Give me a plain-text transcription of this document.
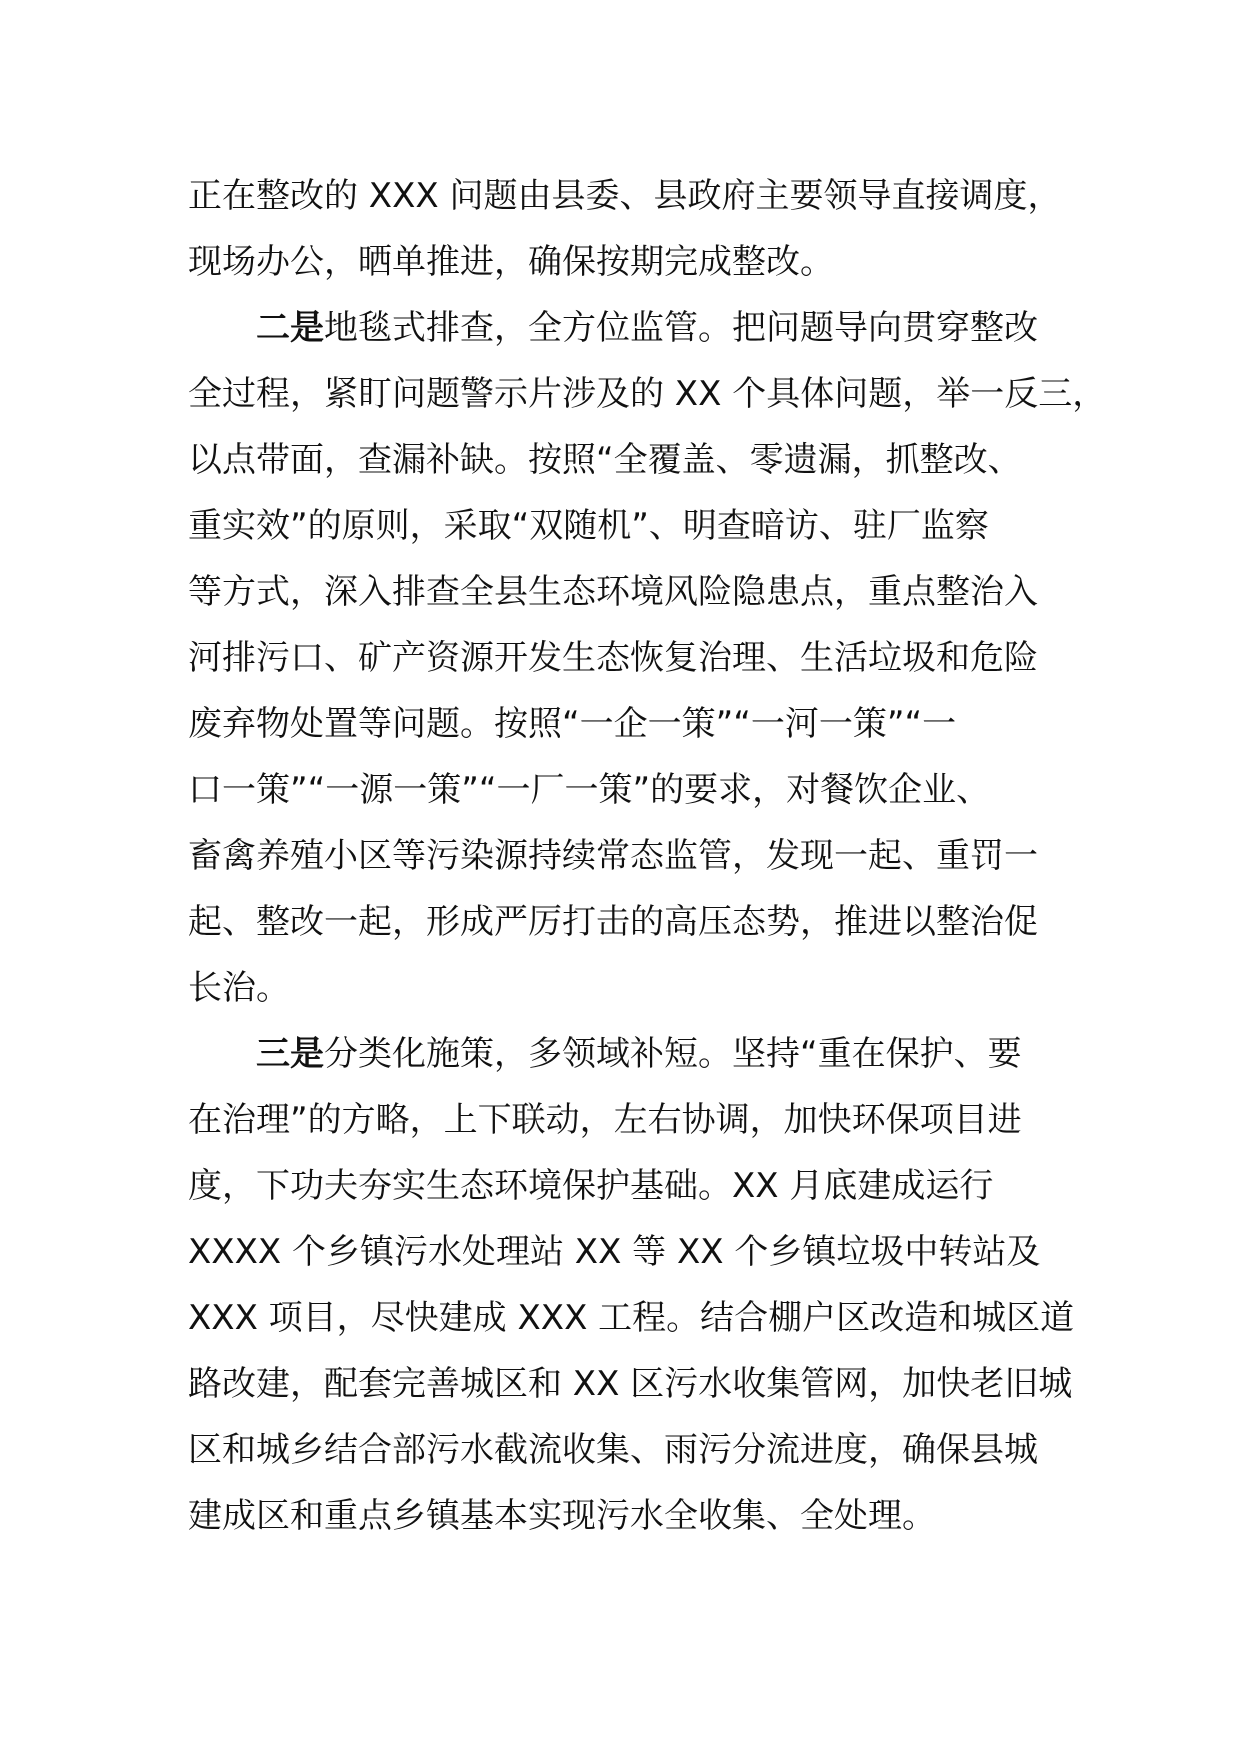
正在整改的 XXX 问题由县委、县政府主要领导直接调度，
现场办公，晒单推进，确保按期完成整改。
二是地毯式排查，全方位监管。把问题导向贯穿整改
全过程，紧盯问题警示片涉及的 XX 个具体问题，举一反三，
以点带面，查漏补缺。按照“全覆盖、零遗漏，抓整改、
重实效”的原则，采取“双随机”、明查暗访、驻厂监察
等方式，深入排查全县生态环境风险隐患点，重点整治入
河排污口、矿产资源开发生态恢复治理、生活垃圾和危险
废弃物处置等问题。按照“一企一策”“一河一策”“一
口一策”“一源一策”“一厂一策”的要求，对餐饮企业、
畜禽养殖小区等污染源持续常态监管，发现一起、重罚一
起、整改一起，形成严厉打击的高压态势，推进以整治促
长治。
三是分类化施策，多领域补短。坚持“重在保护、要
在治理”的方略，上下联动，左右协调，加快环保项目进
度，下功夫夯实生态环境保护基础。XX 月底建成运行
XXXX 个乡镇污水处理站 XX 等 XX 个乡镇垃圾中转站及
XXX 项目，尽快建成 XXX 工程。结合棚户区改造和城区道
路改建，配套完善城区和 XX 区污水收集管网，加快老旧城
区和城乡结合部污水截流收集、雨污分流进度，确保县城
建成区和重点乡镇基本实现污水全收集、全处理。
